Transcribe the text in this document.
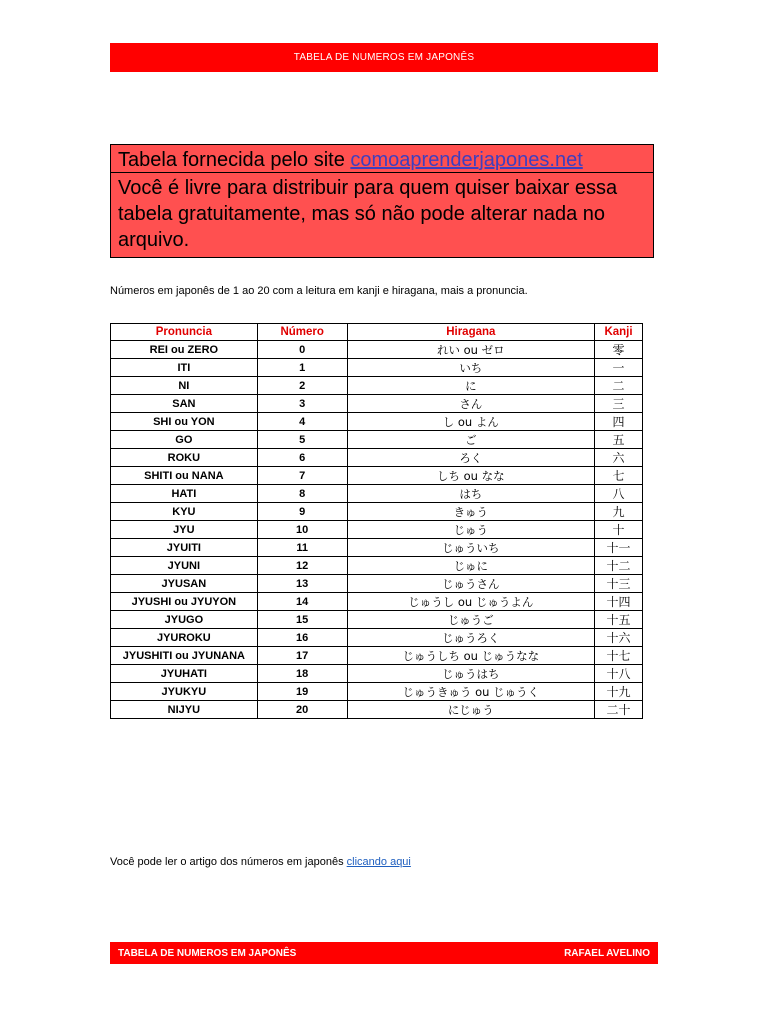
TABELA DE NUMEROS EM JAPONÊS
Tabela fornecida pelo site comoaprenderjapones.net
Você é livre para distribuir para quem quiser baixar essa tabela gratuitamente, mas só não pode alterar nada no arquivo.
Números em japonês de 1 ao 20 com a leitura em kanji e hiragana, mais a pronuncia.
Pronuncia	Número	Hiragana	Kanji
REI ou ZERO	0	れい ou ゼロ	零
ITI	1	いち	一
NI	2	に	二
SAN	3	さん	三
SHI ou YON	4	し ou よん	四
GO	5	ご	五
ROKU	6	ろく	六
SHITI ou NANA	7	しち ou なな	七
HATI	8	はち	八
KYU	9	きゅう	九
JYU	10	じゅう	十
JYUITI	11	じゅういち	十一
JYUNI	12	じゅに	十二
JYUSAN	13	じゅうさん	十三
JYUSHI ou JYUYON	14	じゅうし ou じゅうよん	十四
JYUGO	15	じゅうご	十五
JYUROKU	16	じゅうろく	十六
JYUSHITI ou JYUNANA	17	じゅうしち ou じゅうなな	十七
JYUHATI	18	じゅうはち	十八
JYUKYU	19	じゅうきゅう ou じゅうく	十九
NIJYU	20	にじゅう	二十
Você pode ler o artigo dos números em japonês clicando aqui
TABELA DE NUMEROS EM JAPONÊS	RAFAEL AVELINO
